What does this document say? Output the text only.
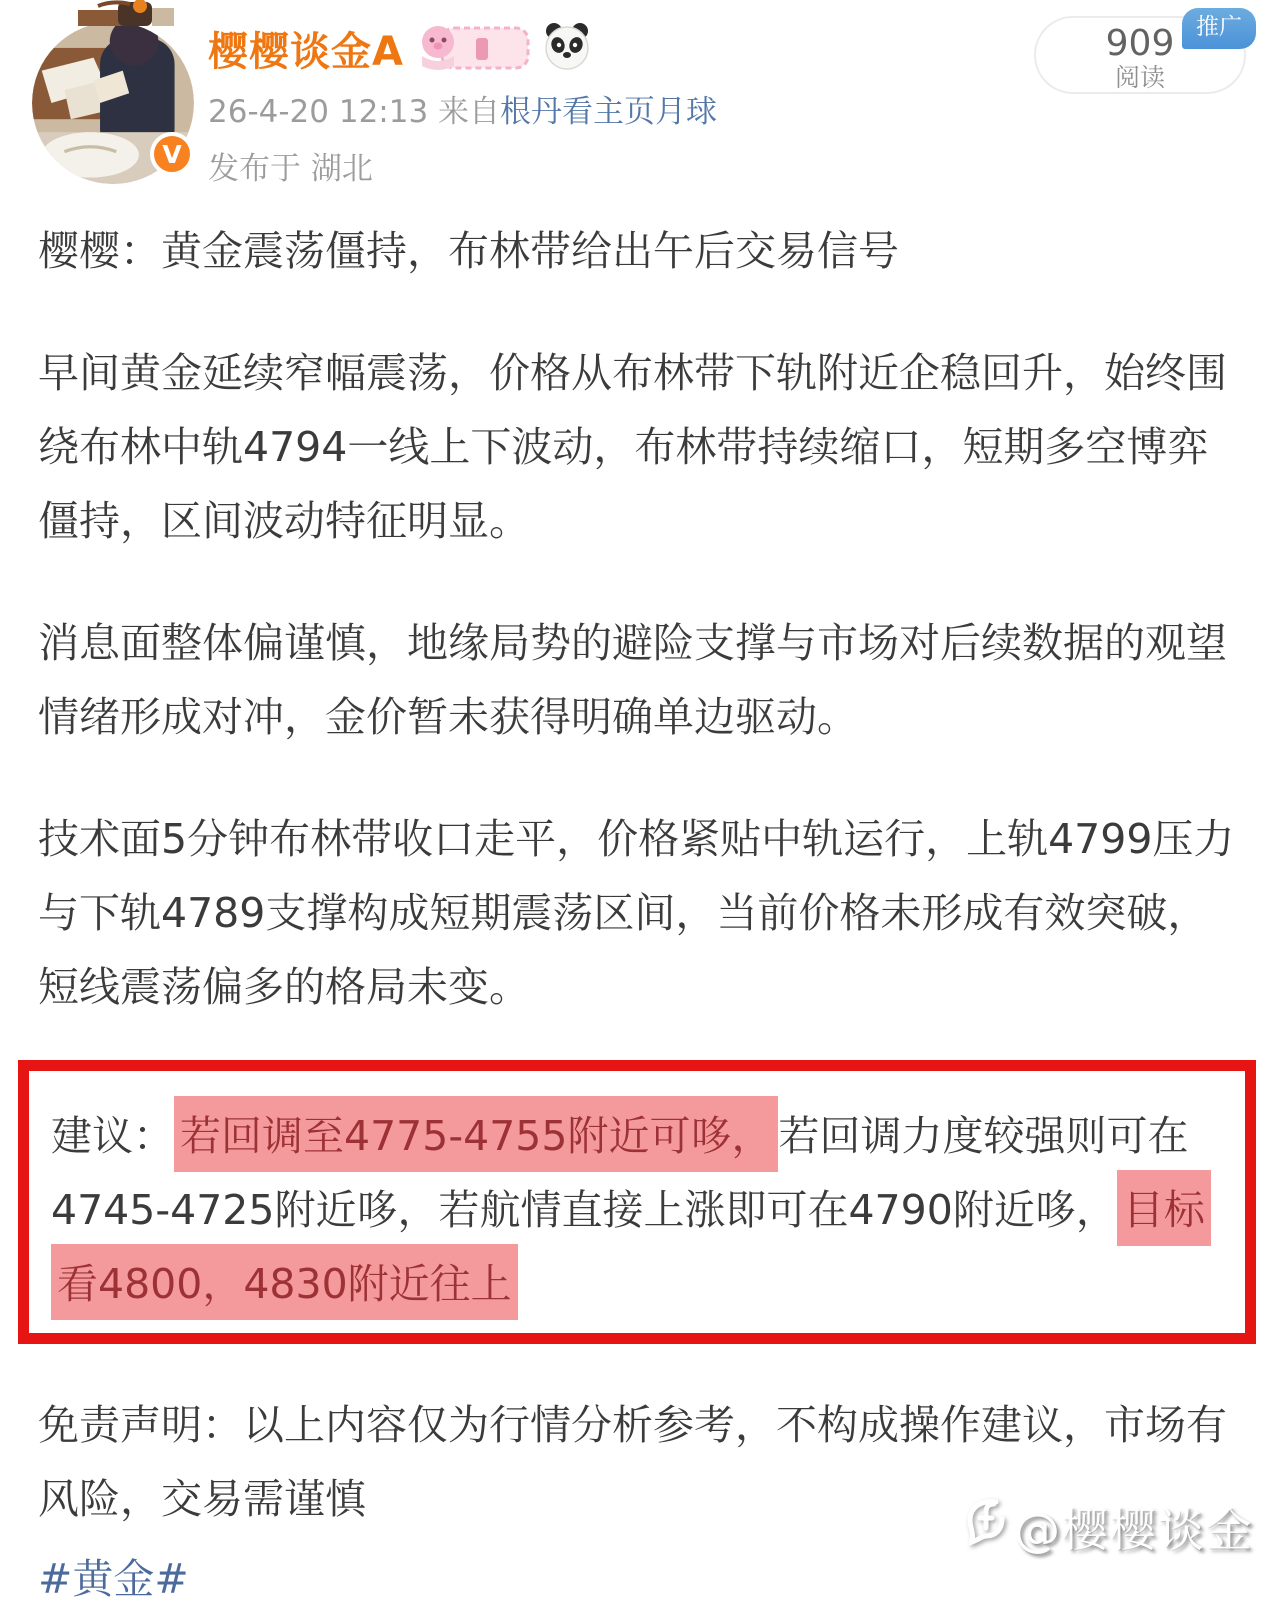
V
樱樱谈金A
26-4-20 12:13 来自根丹看主页月球
发布于 湖北
909
阅读
推广

樱樱：黄金震荡僵持，布林带给出午后交易信号

早间黄金延续窄幅震荡，价格从布林带下轨附近企稳回升，始终围绕布林中轨4794一线上下波动，布林带持续缩口，短期多空博弈僵持，区间波动特征明显。

消息面整体偏谨慎，地缘局势的避险支撑与市场对后续数据的观望情绪形成对冲，金价暂未获得明确单边驱动。

技术面5分钟布林带收口走平，价格紧贴中轨运行，上轨4799压力与下轨4789支撑构成短期震荡区间，当前价格未形成有效突破，短线震荡偏多的格局未变。

建议： 若回调至4775-4755附近可哆， 若回调力度较强则可在4745-4725附近哆，若航情直接上涨即可在4790附近哆， 目标看4800，4830附近往上

免责声明：以上内容仅为行情分析参考，不构成操作建议，市场有风险，交易需谨慎

#黄金#

@樱樱谈金
